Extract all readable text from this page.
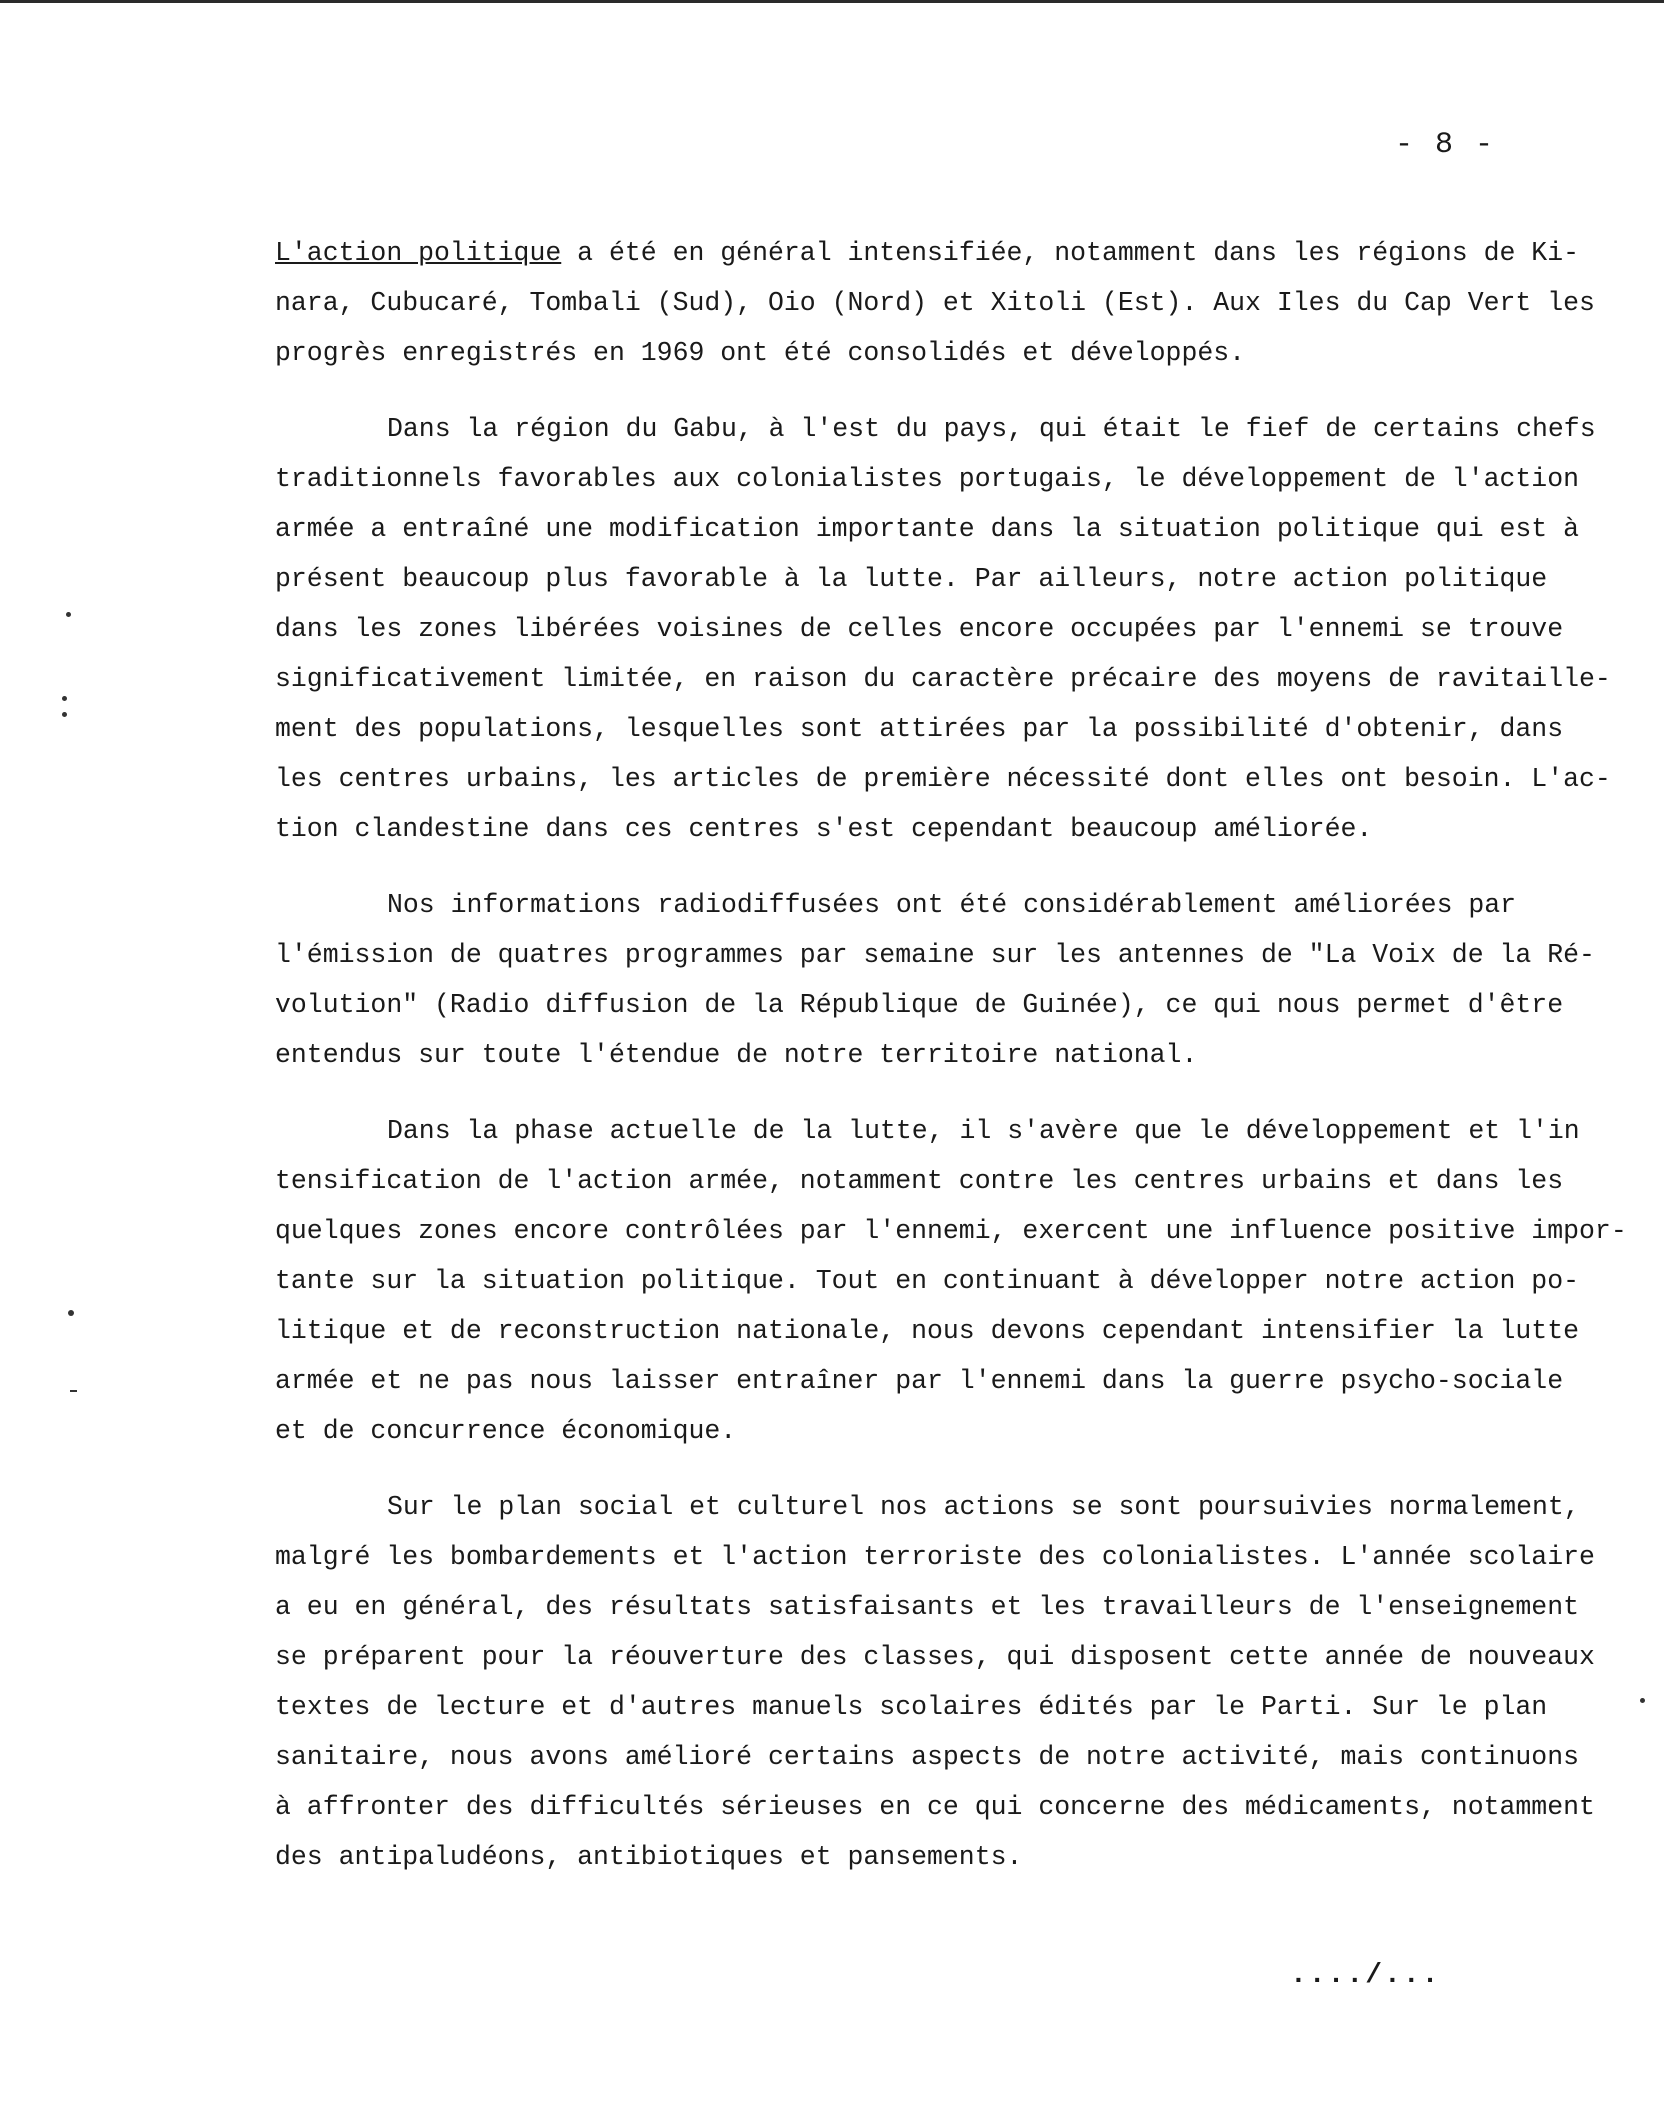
- 8 -
L'action politique a été en général intensifiée, notamment dans les régions de Ki-
nara, Cubucaré, Tombali (Sud), Oio (Nord) et Xitoli (Est). Aux Iles du Cap Vert les
progrès enregistrés en 1969 ont été consolidés et développés.
Dans la région du Gabu, à l'est du pays, qui était le fief de certains chefs
traditionnels favorables aux colonialistes portugais, le développement de l'action
armée a entraîné une modification importante dans la situation politique qui est à
présent beaucoup plus favorable à la lutte. Par ailleurs, notre action politique
dans les zones libérées voisines de celles encore occupées par l'ennemi se trouve
significativement limitée, en raison du caractère précaire des moyens de ravitaille-
ment des populations, lesquelles sont attirées par la possibilité d'obtenir, dans
les centres urbains, les articles de première nécessité dont elles ont besoin. L'ac-
tion clandestine dans ces centres s'est cependant beaucoup améliorée.
Nos informations radiodiffusées ont été considérablement améliorées par
l'émission de quatres programmes par semaine sur les antennes de "La Voix de la Ré-
volution" (Radio diffusion de la République de Guinée), ce qui nous permet d'être
entendus sur toute l'étendue de notre territoire national.
Dans la phase actuelle de la lutte, il s'avère que le développement et l'in
tensification de l'action armée, notamment contre les centres urbains et dans les
quelques zones encore contrôlées par l'ennemi, exercent une influence positive impor-
tante sur la situation politique. Tout en continuant à développer notre action po-
litique et de reconstruction nationale, nous devons cependant intensifier la lutte
armée et ne pas nous laisser entraîner par l'ennemi dans la guerre psycho-sociale
et de concurrence économique.
Sur le plan social et culturel nos actions se sont poursuivies normalement,
malgré les bombardements et l'action terroriste des colonialistes. L'année scolaire
a eu en général, des résultats satisfaisants et les travailleurs de l'enseignement
se préparent pour la réouverture des classes, qui disposent cette année de nouveaux
textes de lecture et d'autres manuels scolaires édités par le Parti. Sur le plan
sanitaire, nous avons amélioré certains aspects de notre activité, mais continuons
à affronter des difficultés sérieuses en ce qui concerne des médicaments, notamment
des antipaludéons, antibiotiques et pansements.
..../...
